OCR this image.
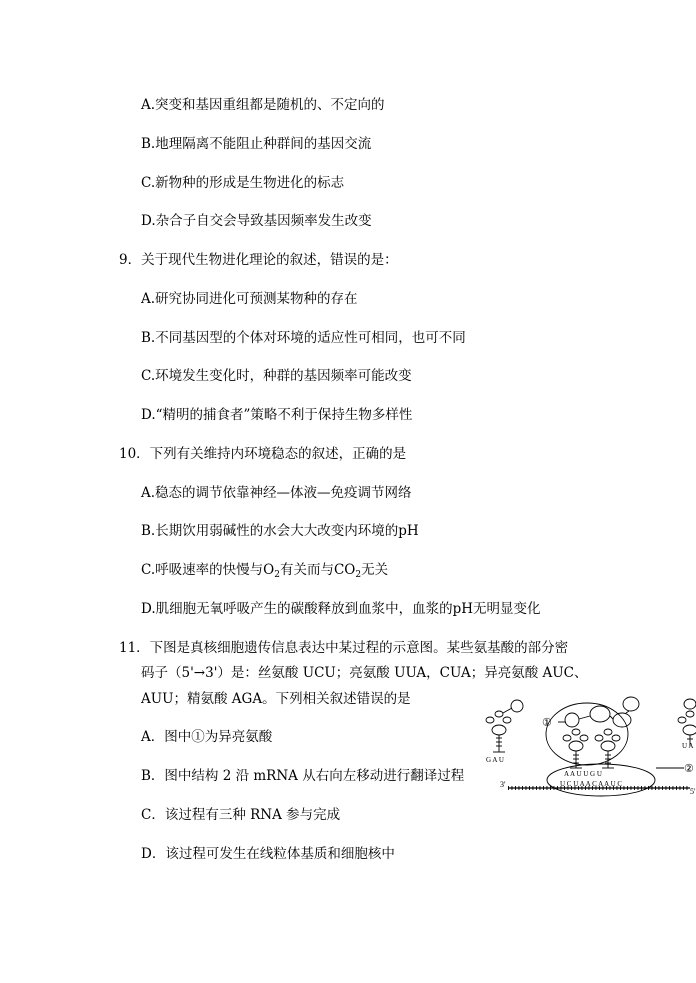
A.突变和基因重组都是随机的、不定向的
B.地理隔离不能阻止种群间的基因交流
C.新物种的形成是生物进化的标志
D.杂合子自交会导致基因频率发生改变
9．关于现代生物进化理论的叙述，错误的是：
A.研究协同进化可预测某物种的存在
B.不同基因型的个体对环境的适应性可相同，也可不同
C.环境发生变化时，种群的基因频率可能改变
D.“精明的捕食者”策略不利于保持生物多样性
10．下列有关维持内环境稳态的叙述，正确的是
A.稳态的调节依靠神经—体液—免疫调节网络
B.长期饮用弱碱性的水会大大改变内环境的pH
C.呼吸速率的快慢与$O_2$有关而与$CO_2$无关
D.肌细胞无氧呼吸产生的碳酸释放到血浆中，血浆的pH无明显变化
11．下图是真核细胞遗传信息表达中某过程的示意图。某些氨基酸的部分密
码子（5'→3'）是：丝氨酸 UCU；亮氨酸 UUA，CUA；异亮氨酸 AUC、
AUU；精氨酸 AGA。下列相关叙述错误的是
A．图中①为异亮氨酸
B．图中结构 2 沿 mRNA 从右向左移动进行翻译过程
C．该过程有三种 RNA 参与完成
D．该过程可发生在线粒体基质和细胞核中
①
②
3'
5'
G A U
U A
A A U U G U
U C U A A C A A U C
